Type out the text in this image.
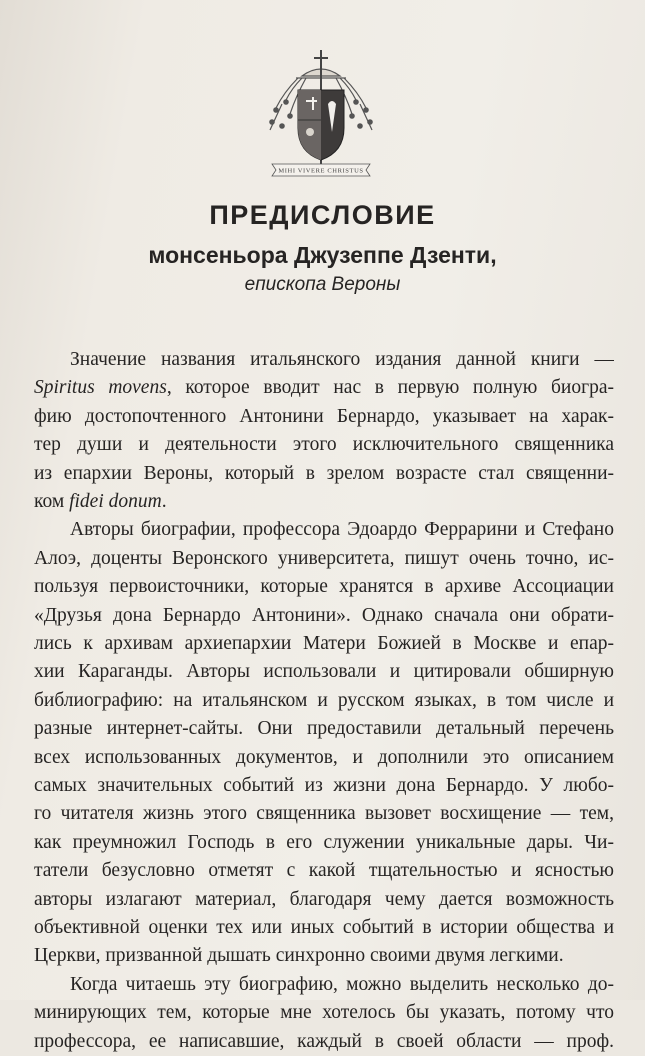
MIHI VIVERE CHRISTUS
ПРЕДИСЛОВИЕ
монсеньора Джузеппе Дзенти,
епископа Вероны
Значение названия итальянского издания данной книги —
Spiritus movens, которое вводит нас в первую полную биогра-
фию достопочтенного Антонини Бернардо, указывает на харак-
тер души и деятельности этого исключительного священника
из епархии Вероны, который в зрелом возрасте стал священни-
ком fidei donum.
Авторы биографии, профессора Эдоардо Феррарини и Стефано
Алоэ, доценты Веронского университета, пишут очень точно, ис-
пользуя первоисточники, которые хранятся в архиве Ассоциации
«Друзья дона Бернардо Антонини». Однако сначала они обрати-
лись к архивам архиепархии Матери Божией в Москве и епар-
хии Караганды. Авторы использовали и цитировали обширную
библиографию: на итальянском и русском языках, в том числе и
разные интернет-сайты. Они предоставили детальный перечень
всех использованных документов, и дополнили это описанием
самых значительных событий из жизни дона Бернардо. У любо-
го читателя жизнь этого священника вызовет восхищение — тем,
как преумножил Господь в его служении уникальные дары. Чи-
татели безусловно отметят с какой тщательностью и ясностью
авторы излагают материал, благодаря чему дается возможность
объективной оценки тех или иных событий в истории общества и
Церкви, призванной дышать синхронно своими двумя легкими.
Когда читаешь эту биографию, можно выделить несколько до-
минирующих тем, которые мне хотелось бы указать, потому что
профессора, ее написавшие, каждый в своей области — проф.
